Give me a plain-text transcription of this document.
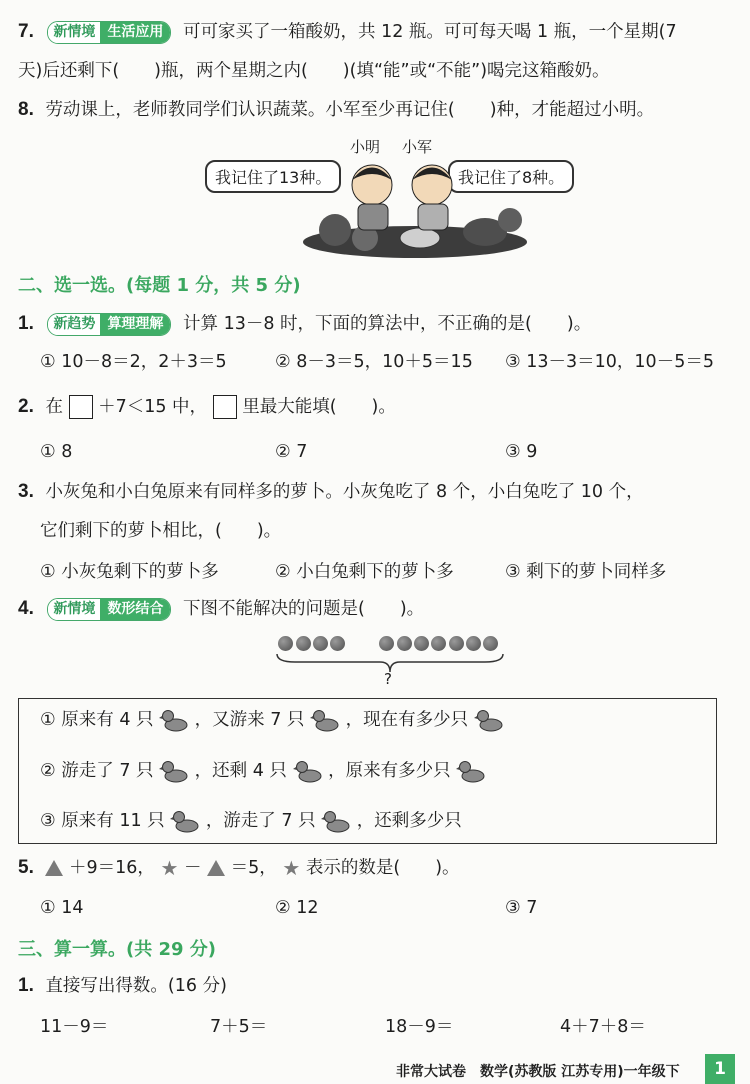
7.	新情境 生活应用	可可家买了一箱酸奶，共 12 瓶。可可每天喝 1 瓶，一个星期(7
天)后还剩下(　　)瓶，两个星期之内(　　)(填“能”或“不能”)喝完这箱酸奶。
8. 劳动课上，老师教同学们认识蔬菜。小军至少再记住(　　)种，才能超过小明。
小明 小军
我记住了13种。	我记住了8种。
二、选一选。(每题 1 分，共 5 分)
1.	新趋势 算理理解	计算 13－8 时，下面的算法中，不正确的是(　　)。
① 10－8＝2，2＋3＝5	② 8－3＝5，10＋5＝15 ③ 13－3＝10，10－5＝5
2. 在 ＋7＜15 中， 里最大能填(　　)。
① 8	② 7	③ 9
3. 小灰兔和小白兔原来有同样多的萝卜。小灰兔吃了 8 个，小白兔吃了 10 个，
它们剩下的萝卜相比，(　　)。
① 小灰兔剩下的萝卜多	② 小白兔剩下的萝卜多	③ 剩下的萝卜同样多
4.	新情境 数形结合	下图不能解决的问题是(　　)。
?
① 原来有 4 只 ，又游来 7 只 ，现在有多少只
② 游走了 7 只 ，还剩 4 只 ，原来有多少只
③ 原来有 11 只 ，游走了 7 只 ，还剩多少只
5. ＋9＝16， ★ － ＝5， ★ 表示的数是(　　)。
① 14	② 12	③ 7
三、算一算。(共 29 分)
1. 直接写出得数。(16 分)
11－9＝	7＋5＝	18－9＝	4＋7＋8＝
非常大试卷　数学(苏教版 江苏专用)一年级下	1
